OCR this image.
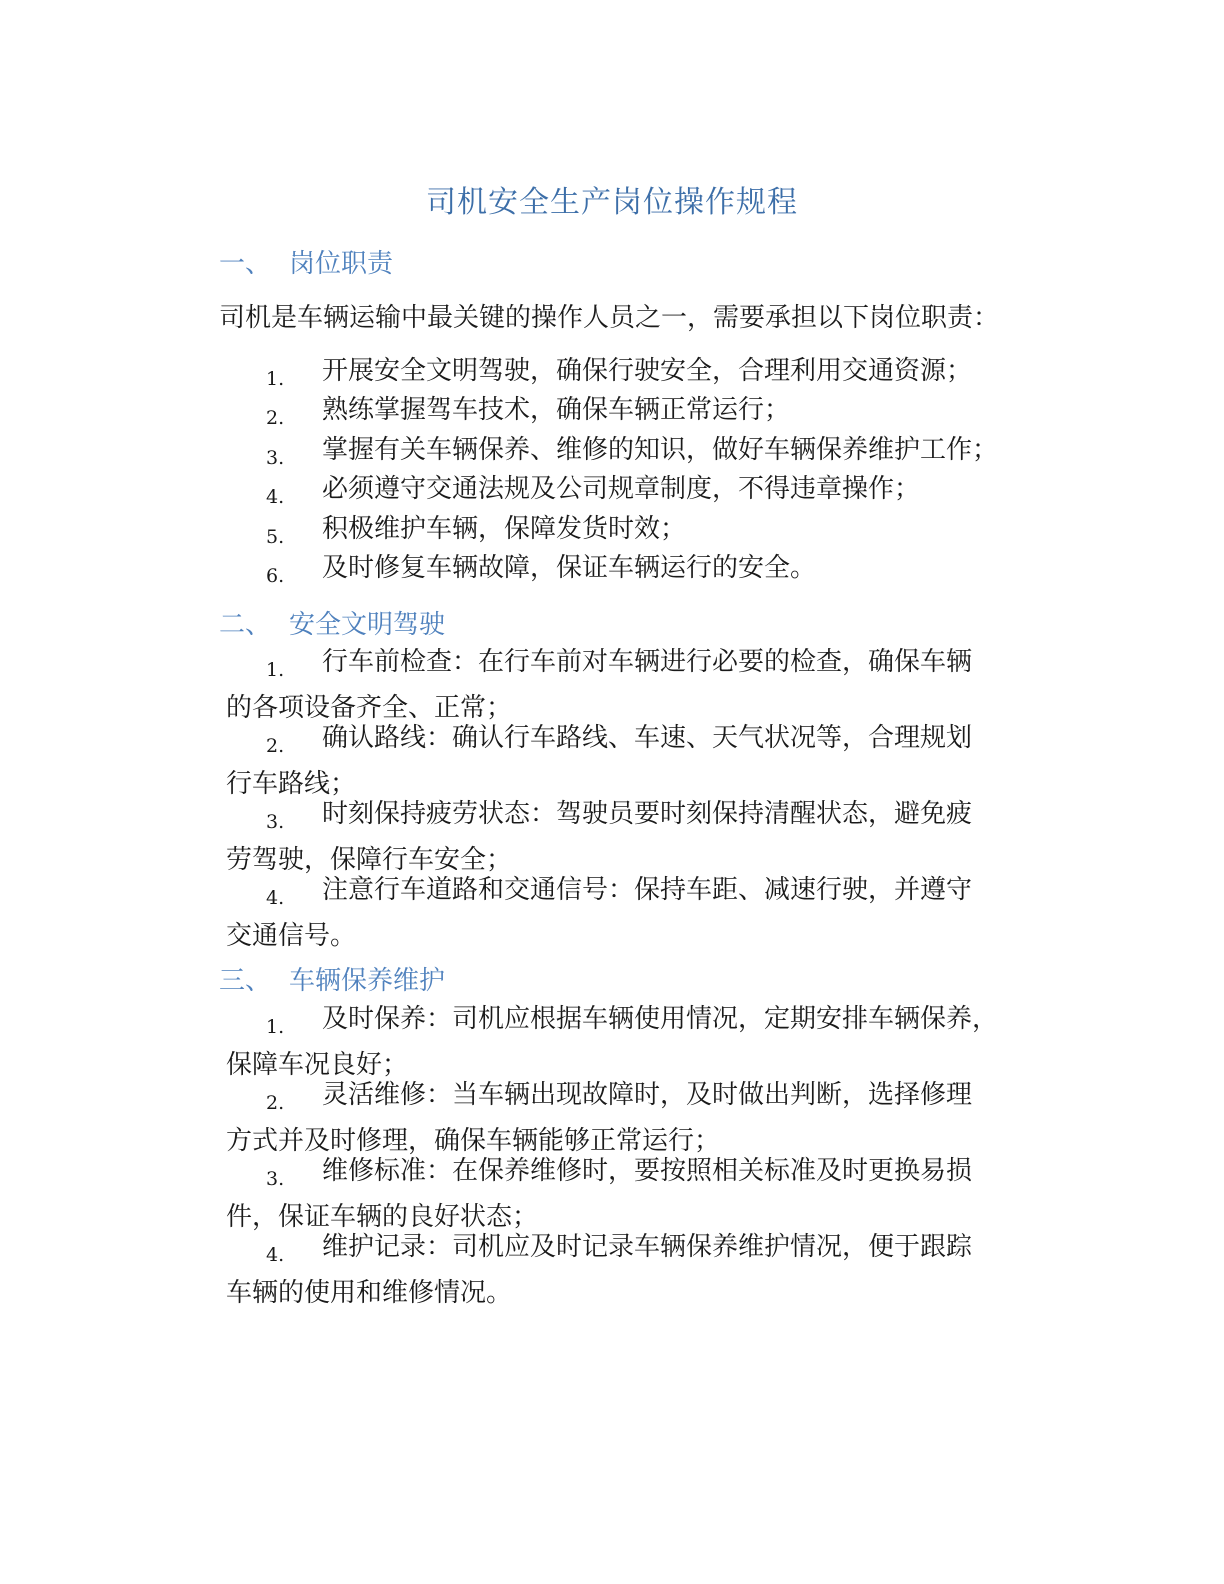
司机安全生产岗位操作规程
一、 岗位职责
司机是车辆运输中最关键的操作人员之一，需要承担以下岗位职责：
1. 开展安全文明驾驶，确保行驶安全，合理利用交通资源；
2. 熟练掌握驾车技术，确保车辆正常运行；
3. 掌握有关车辆保养、维修的知识，做好车辆保养维护工作；
4. 必须遵守交通法规及公司规章制度，不得违章操作；
5. 积极维护车辆，保障发货时效；
6. 及时修复车辆故障，保证车辆运行的安全。
二、 安全文明驾驶
1. 行车前检查：在行车前对车辆进行必要的检查，确保车辆
的各项设备齐全、正常；
2. 确认路线：确认行车路线、车速、天气状况等，合理规划
行车路线；
3. 时刻保持疲劳状态：驾驶员要时刻保持清醒状态，避免疲
劳驾驶，保障行车安全；
4. 注意行车道路和交通信号：保持车距、减速行驶，并遵守
交通信号。
三、 车辆保养维护
1. 及时保养：司机应根据车辆使用情况，定期安排车辆保养，
保障车况良好；
2. 灵活维修：当车辆出现故障时，及时做出判断，选择修理
方式并及时修理，确保车辆能够正常运行；
3. 维修标准：在保养维修时，要按照相关标准及时更换易损
件，保证车辆的良好状态；
4. 维护记录：司机应及时记录车辆保养维护情况，便于跟踪
车辆的使用和维修情况。
